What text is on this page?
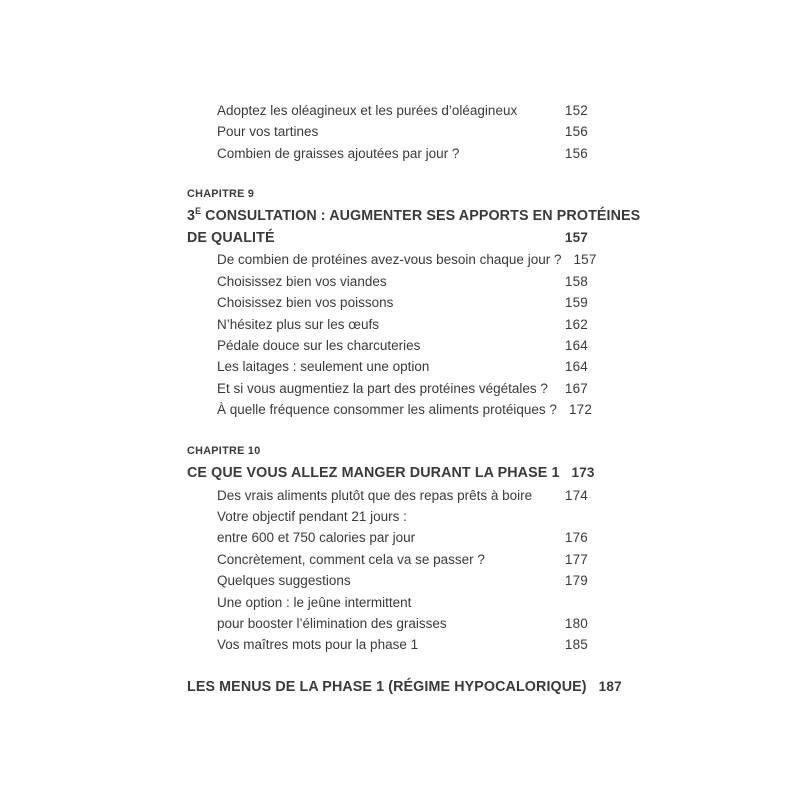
Adoptez les oléagineux et les purées d’oléagineux	152
Pour vos tartines	156
Combien de graisses ajoutées par jour ?	156
CHAPITRE 9
$3^E$ CONSULTATION : AUGMENTER SES APPORTS EN PROTÉINES
DE QUALITÉ	157
De combien de protéines avez-vous besoin chaque jour ? 157
Choisissez bien vos viandes	158
Choisissez bien vos poissons	159
N’hésitez plus sur les œufs	162
Pédale douce sur les charcuteries	164
Les laitages : seulement une option	164
Et si vous augmentiez la part des protéines végétales ?	167
À quelle fréquence consommer les aliments protéiques ? 172
CHAPITRE 10
CE QUE VOUS ALLEZ MANGER DURANT LA PHASE 1 173
Des vrais aliments plutôt que des repas prêts à boire	174
Votre objectif pendant 21 jours :
entre 600 et 750 calories par jour	176
Concrètement, comment cela va se passer ?	177
Quelques suggestions	179
Une option : le jeûne intermittent
pour booster l’élimination des graisses	180
Vos maîtres mots pour la phase 1	185
LES MENUS DE LA PHASE 1 (RÉGIME HYPOCALORIQUE) 187
